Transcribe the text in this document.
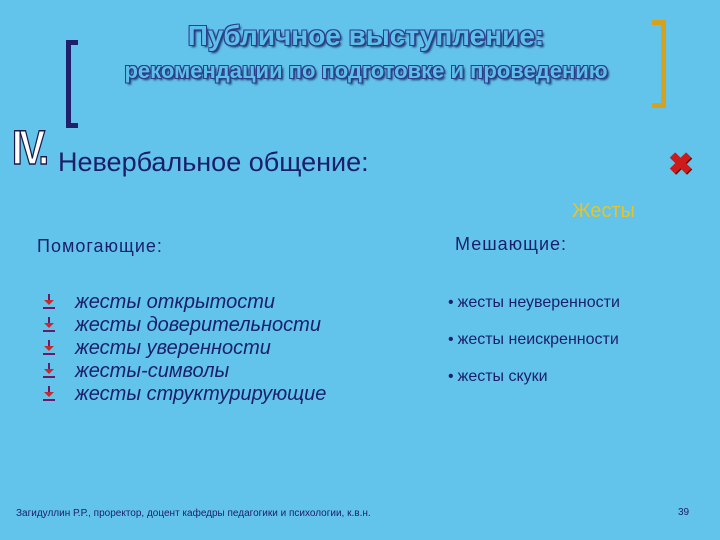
Публичное выступление:
рекомендации по подготовке и проведению
IV. Невербальное общение:	✖
Жесты
Помогающие:	Мешающие:
жесты открытости
жесты доверительности
жесты уверенности
жесты-символы
жесты структурирующие
• жесты неуверенности
• жесты неискренности
• жесты скуки
Загидуллин Р.Р., проректор, доцент кафедры педагогики и психологии, к.в.н.	39
